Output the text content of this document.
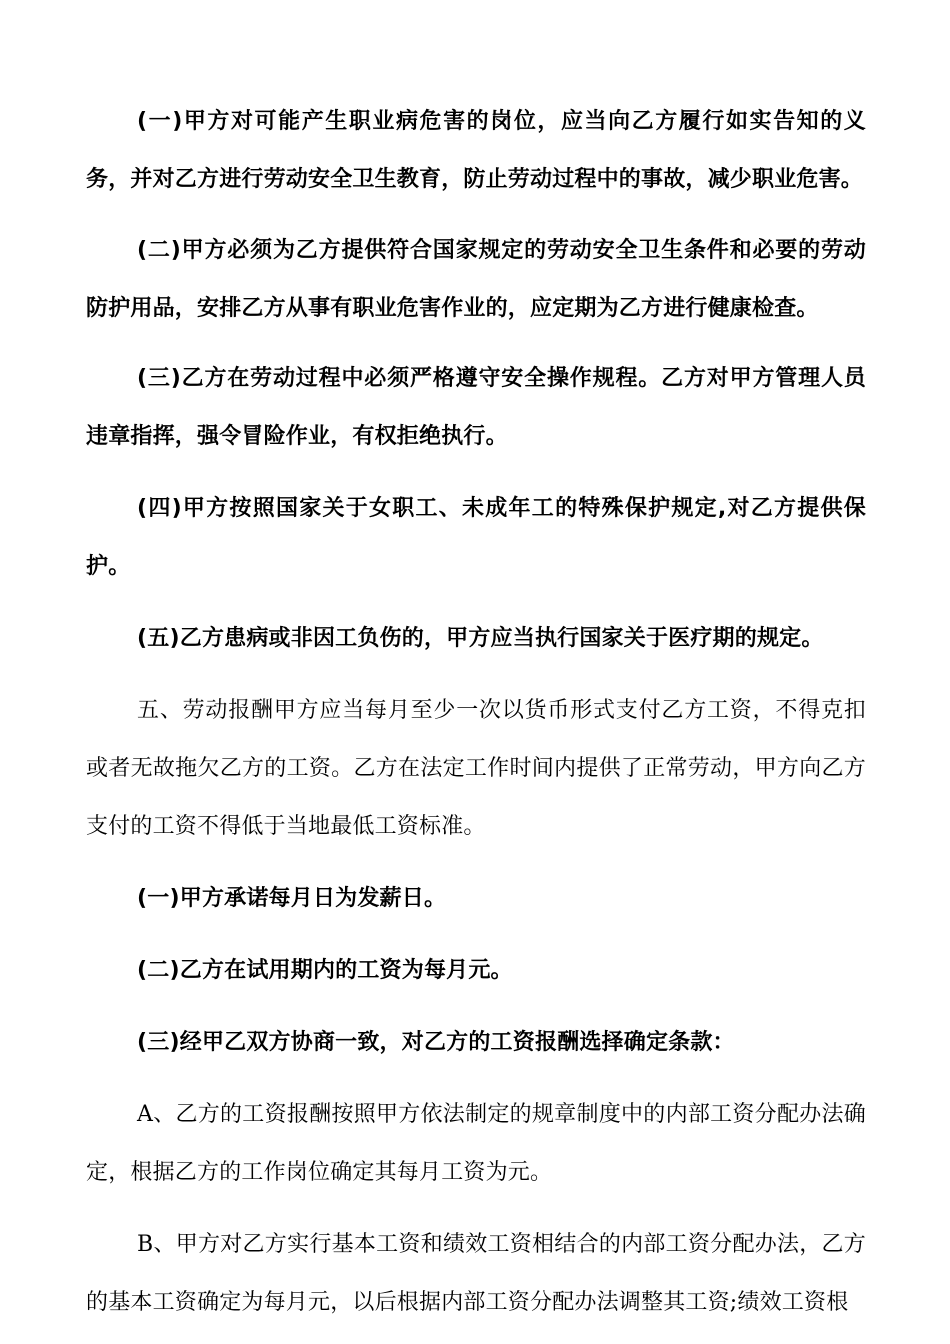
(一)甲方对可能产生职业病危害的岗位，应当向乙方履行如实告知的义务，并对乙方进行劳动安全卫生教育，防止劳动过程中的事故，减少职业危害。

(二)甲方必须为乙方提供符合国家规定的劳动安全卫生条件和必要的劳动防护用品，安排乙方从事有职业危害作业的，应定期为乙方进行健康检查。

(三)乙方在劳动过程中必须严格遵守安全操作规程。乙方对甲方管理人员违章指挥，强令冒险作业，有权拒绝执行。

(四)甲方按照国家关于女职工、未成年工的特殊保护规定,对乙方提供保护。

(五)乙方患病或非因工负伤的，甲方应当执行国家关于医疗期的规定。

五、劳动报酬甲方应当每月至少一次以货币形式支付乙方工资，不得克扣或者无故拖欠乙方的工资。乙方在法定工作时间内提供了正常劳动，甲方向乙方支付的工资不得低于当地最低工资标准。

(一)甲方承诺每月日为发薪日。

(二)乙方在试用期内的工资为每月元。

(三)经甲乙双方协商一致，对乙方的工资报酬选择确定条款：

A、乙方的工资报酬按照甲方依法制定的规章制度中的内部工资分配办法确定，根据乙方的工作岗位确定其每月工资为元。

B、甲方对乙方实行基本工资和绩效工资相结合的内部工资分配办法，乙方的基本工资确定为每月元，以后根据内部工资分配办法调整其工资;绩效工资根
